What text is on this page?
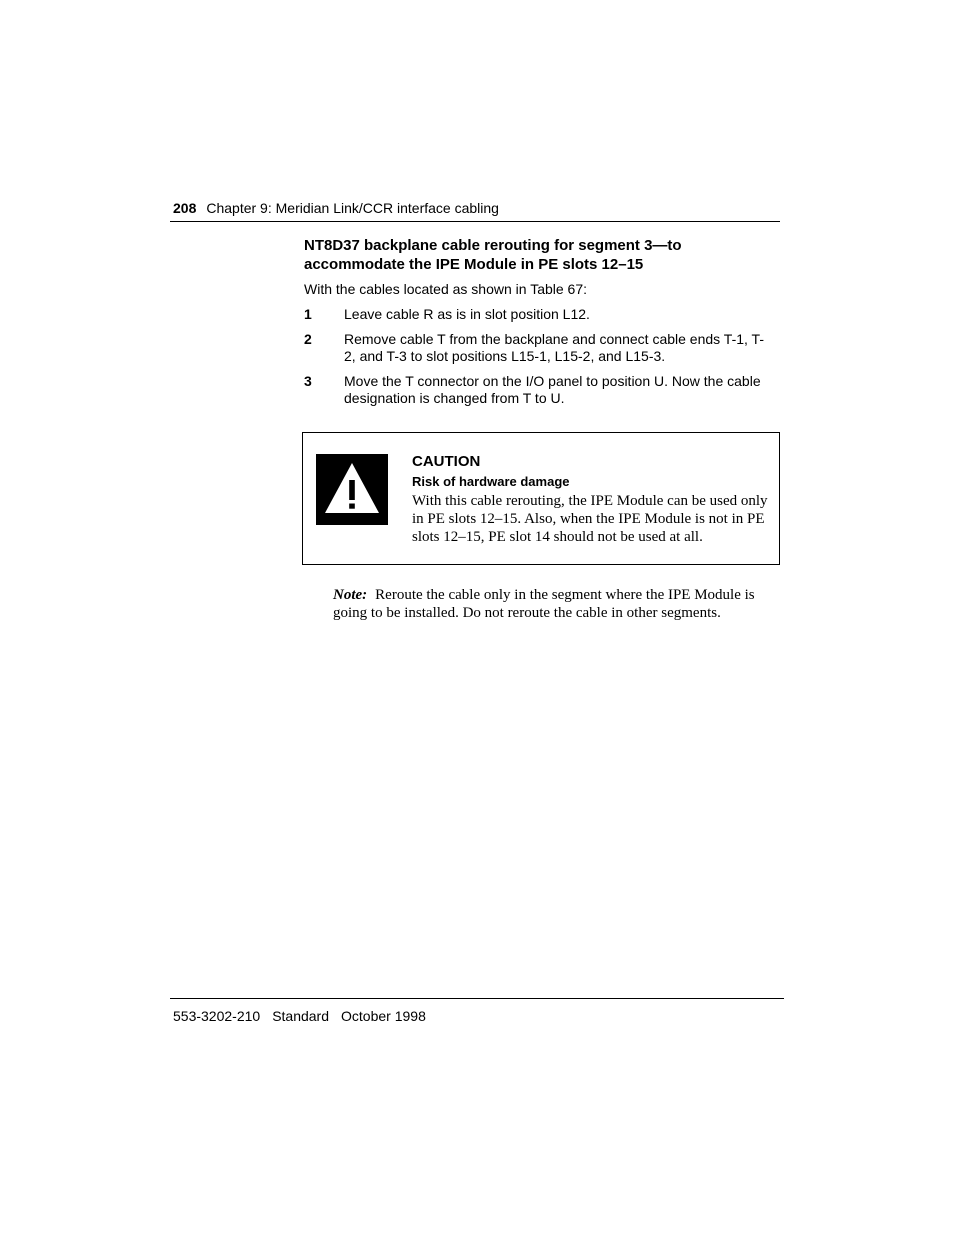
208 Chapter 9: Meridian Link/CCR interface cabling
NT8D37 backplane cable rerouting for segment 3—to accommodate the IPE Module in PE slots 12–15
With the cables located as shown in Table 67:
1 Leave cable R as is in slot position L12.
2 Remove cable T from the backplane and connect cable ends T-1, T-2, and T-3 to slot positions L15-1, L15-2, and L15-3.
3 Move the T connector on the I/O panel to position U. Now the cable designation is changed from T to U.
CAUTION
Risk of hardware damage
With this cable rerouting, the IPE Module can be used only in PE slots 12–15. Also, when the IPE Module is not in PE slots 12–15, PE slot 14 should not be used at all.
Note: Reroute the cable only in the segment where the IPE Module is going to be installed. Do not reroute the cable in other segments.
553-3202-210 Standard October 1998
